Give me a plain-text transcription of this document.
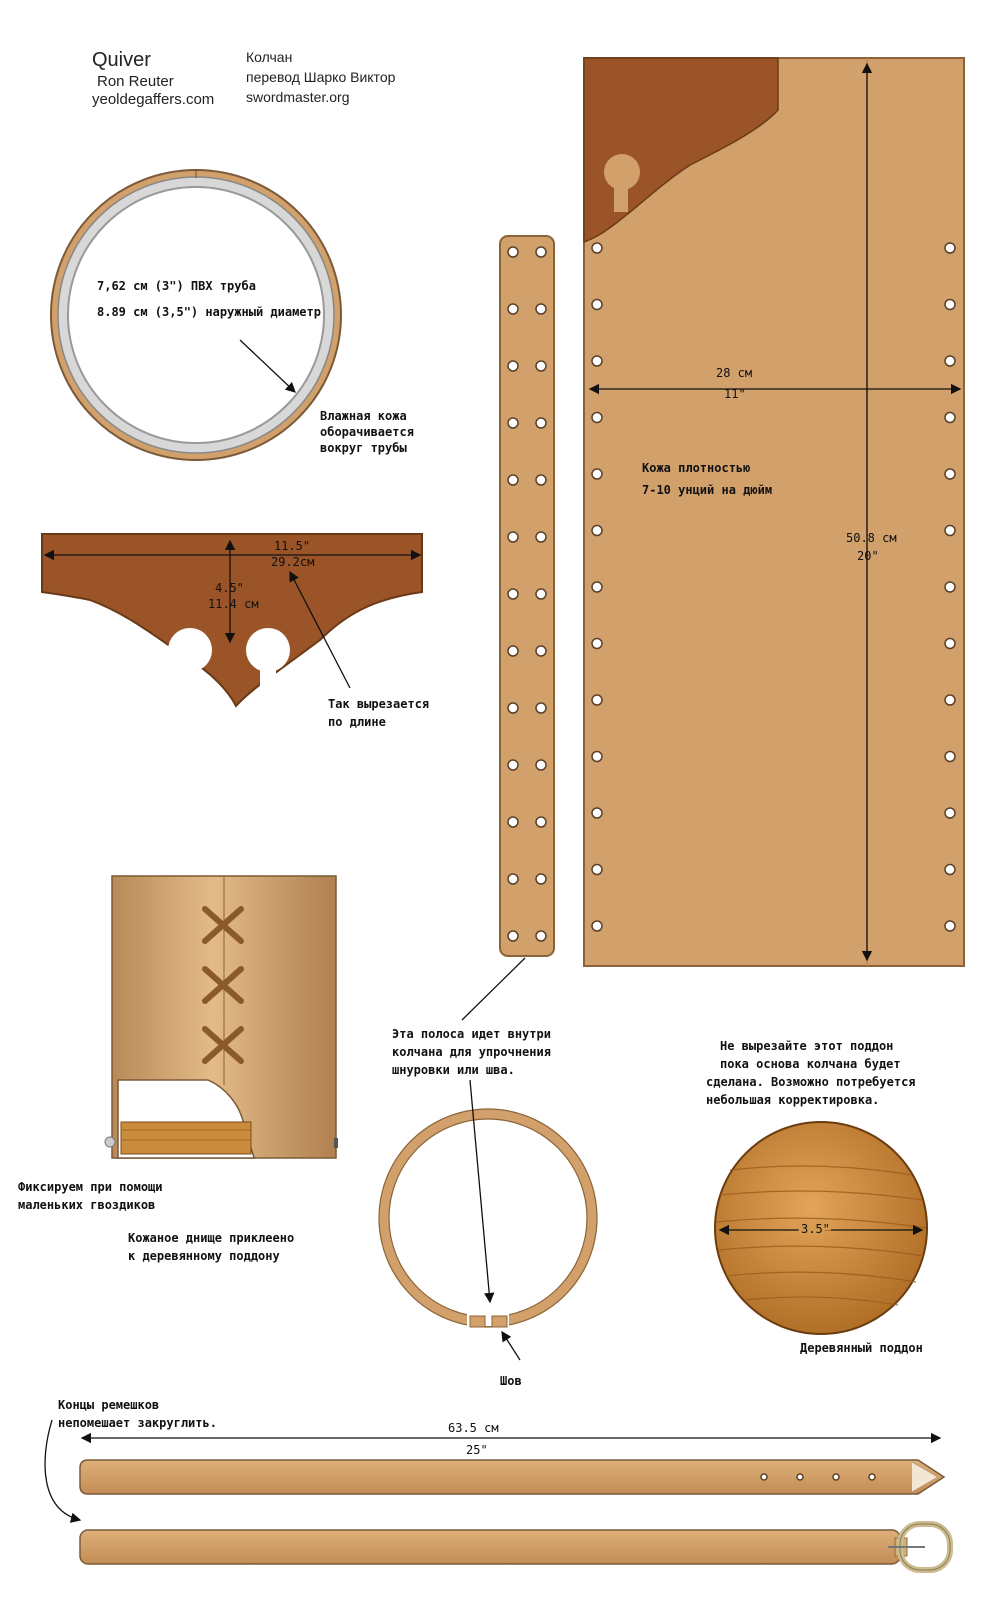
Quiver
Ron Reuter
yeoldegaffers.com
Колчан
перевод Шарко Виктор
swordmaster.org
7,62 см (3") ПВХ труба
8.89 см (3,5") наружный диаметр
Влажная кожа
оборачивается
вокруг трубы
11.5"
29.2см
4.5"
11.4 см
Так вырезается
по длине
Эта полоса идет внутри
колчана для упрочнения
шнуровки или шва.
28 см
11"
50.8 см
20"
Кожа плотностью
7-10 унций на дюйм
Фиксируем при помощи
маленьких гвоздиков
Кожаное днище приклеено
к деревянному поддону
Шов
Не вырезайте этот поддон
пока основа колчана будет
сделана. Возможно потребуется
небольшая корректировка.
3.5"
Деревянный поддон
Концы ремешков
непомешает закруглить.	63.5 см
25"
